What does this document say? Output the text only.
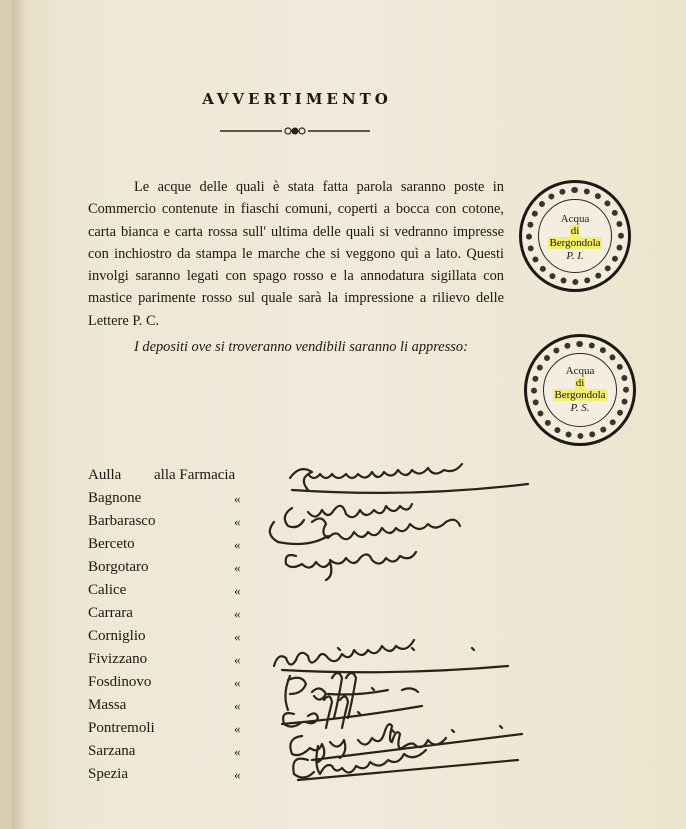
AVVERTIMENTO

Le acque delle quali è stata fatta parola saranno poste in Commercio contenute in fiaschi comuni, coperti a bocca con cotone, carta bianca e carta rossa sull' ultima delle quali si vedranno impresse con inchiostro da stampa le marche che si veggono quì a lato. Questi involgi saranno legati con spago rosso e la annodatura sigillata con mastice parimente rosso sul quale sarà la impressione a rilievo delle Lettere P. C.

I depositi ove si troveranno vendibili saranno li appresso:

Acqua
di
Bergondola
P. I.
Acqua
di
Bergondola
P. S.
Aulla alla Farmacia
Bagnone	«
Barbarasco	«
Berceto	«
Borgotaro	«
Calice	«
Carrara	«
Corniglio	«
Fivizzano	«
Fosdinovo	«
Massa	«
Pontremoli	«
Sarzana	«
Spezia	«
